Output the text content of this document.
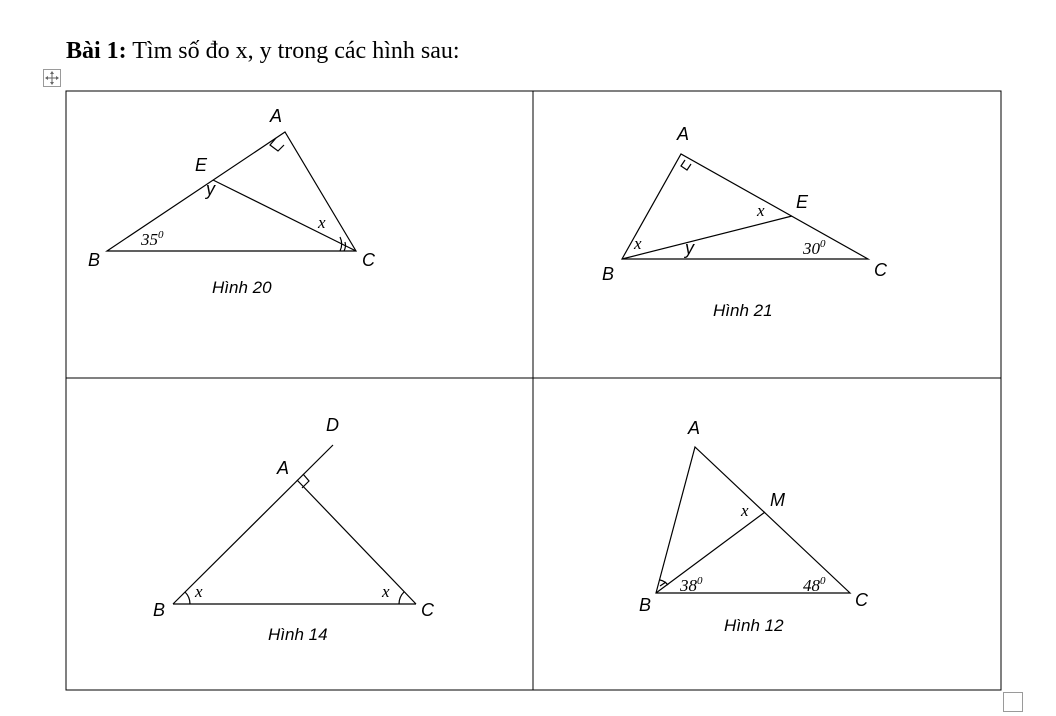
Bài 1: Tìm số đo x, y trong các hình sau:
A
B	C
E
y
x
$35^0$
Hình 20
A
B	C
E
x
x y	$30^0$
Hình 21
D
A
B	C
x	x
Hình 14
A
B	C
M
x
$38^0$	$48^0$
Hình 12
